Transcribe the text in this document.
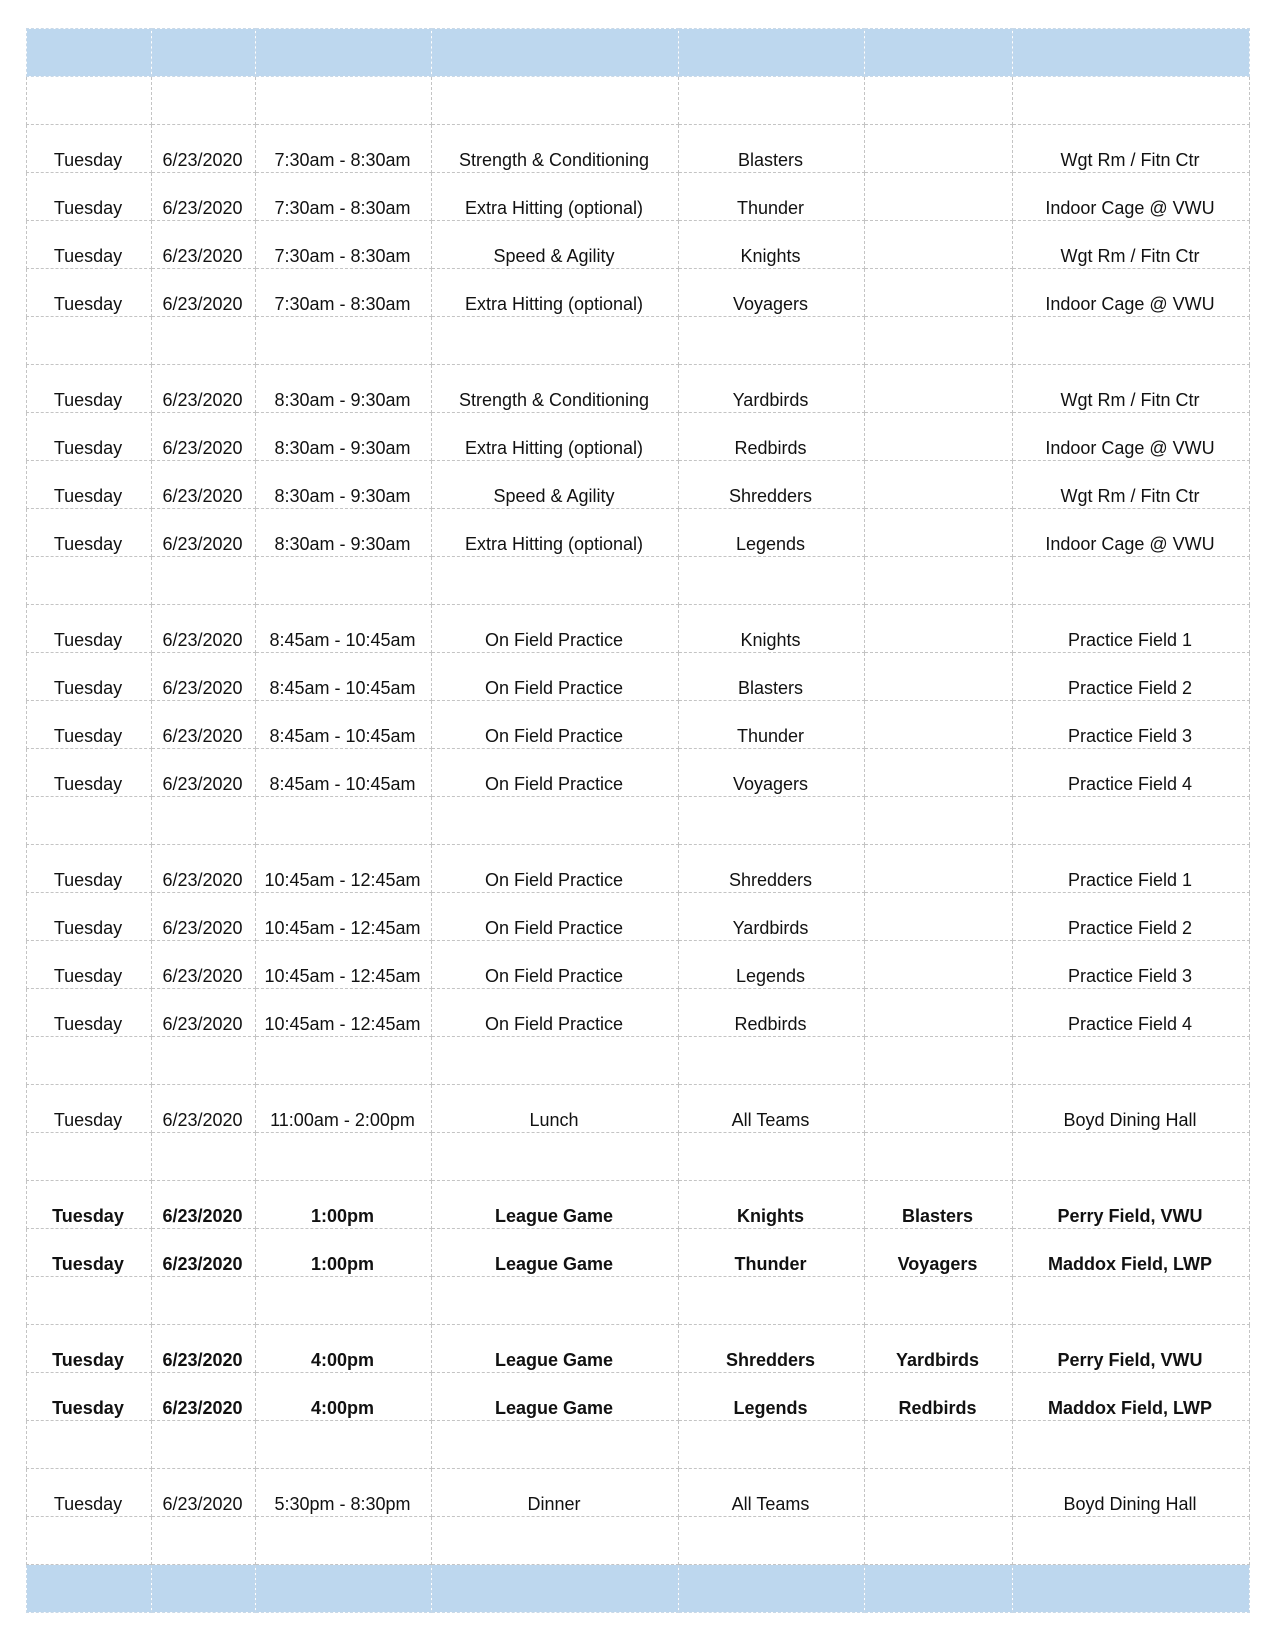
Tuesday	6/23/2020	7:30am - 8:30am	Strength & Conditioning	Blasters		Wgt Rm / Fitn Ctr
Tuesday	6/23/2020	7:30am - 8:30am	Extra Hitting (optional)	Thunder		Indoor Cage @ VWU
Tuesday	6/23/2020	7:30am - 8:30am	Speed & Agility	Knights		Wgt Rm / Fitn Ctr
Tuesday	6/23/2020	7:30am - 8:30am	Extra Hitting (optional)	Voyagers		Indoor Cage @ VWU

Tuesday	6/23/2020	8:30am - 9:30am	Strength & Conditioning	Yardbirds		Wgt Rm / Fitn Ctr
Tuesday	6/23/2020	8:30am - 9:30am	Extra Hitting (optional)	Redbirds		Indoor Cage @ VWU
Tuesday	6/23/2020	8:30am - 9:30am	Speed & Agility	Shredders		Wgt Rm / Fitn Ctr
Tuesday	6/23/2020	8:30am - 9:30am	Extra Hitting (optional)	Legends		Indoor Cage @ VWU

Tuesday	6/23/2020	8:45am - 10:45am	On Field Practice	Knights		Practice Field 1
Tuesday	6/23/2020	8:45am - 10:45am	On Field Practice	Blasters		Practice Field 2
Tuesday	6/23/2020	8:45am - 10:45am	On Field Practice	Thunder		Practice Field 3
Tuesday	6/23/2020	8:45am - 10:45am	On Field Practice	Voyagers		Practice Field 4

Tuesday	6/23/2020	10:45am - 12:45am	On Field Practice	Shredders		Practice Field 1
Tuesday	6/23/2020	10:45am - 12:45am	On Field Practice	Yardbirds		Practice Field 2
Tuesday	6/23/2020	10:45am - 12:45am	On Field Practice	Legends		Practice Field 3
Tuesday	6/23/2020	10:45am - 12:45am	On Field Practice	Redbirds		Practice Field 4

Tuesday	6/23/2020	11:00am - 2:00pm	Lunch	All Teams		Boyd Dining Hall

Tuesday	6/23/2020	1:00pm	League Game	Knights	Blasters	Perry Field, VWU
Tuesday	6/23/2020	1:00pm	League Game	Thunder	Voyagers	Maddox Field, LWP

Tuesday	6/23/2020	4:00pm	League Game	Shredders	Yardbirds	Perry Field, VWU
Tuesday	6/23/2020	4:00pm	League Game	Legends	Redbirds	Maddox Field, LWP

Tuesday	6/23/2020	5:30pm - 8:30pm	Dinner	All Teams		Boyd Dining Hall
